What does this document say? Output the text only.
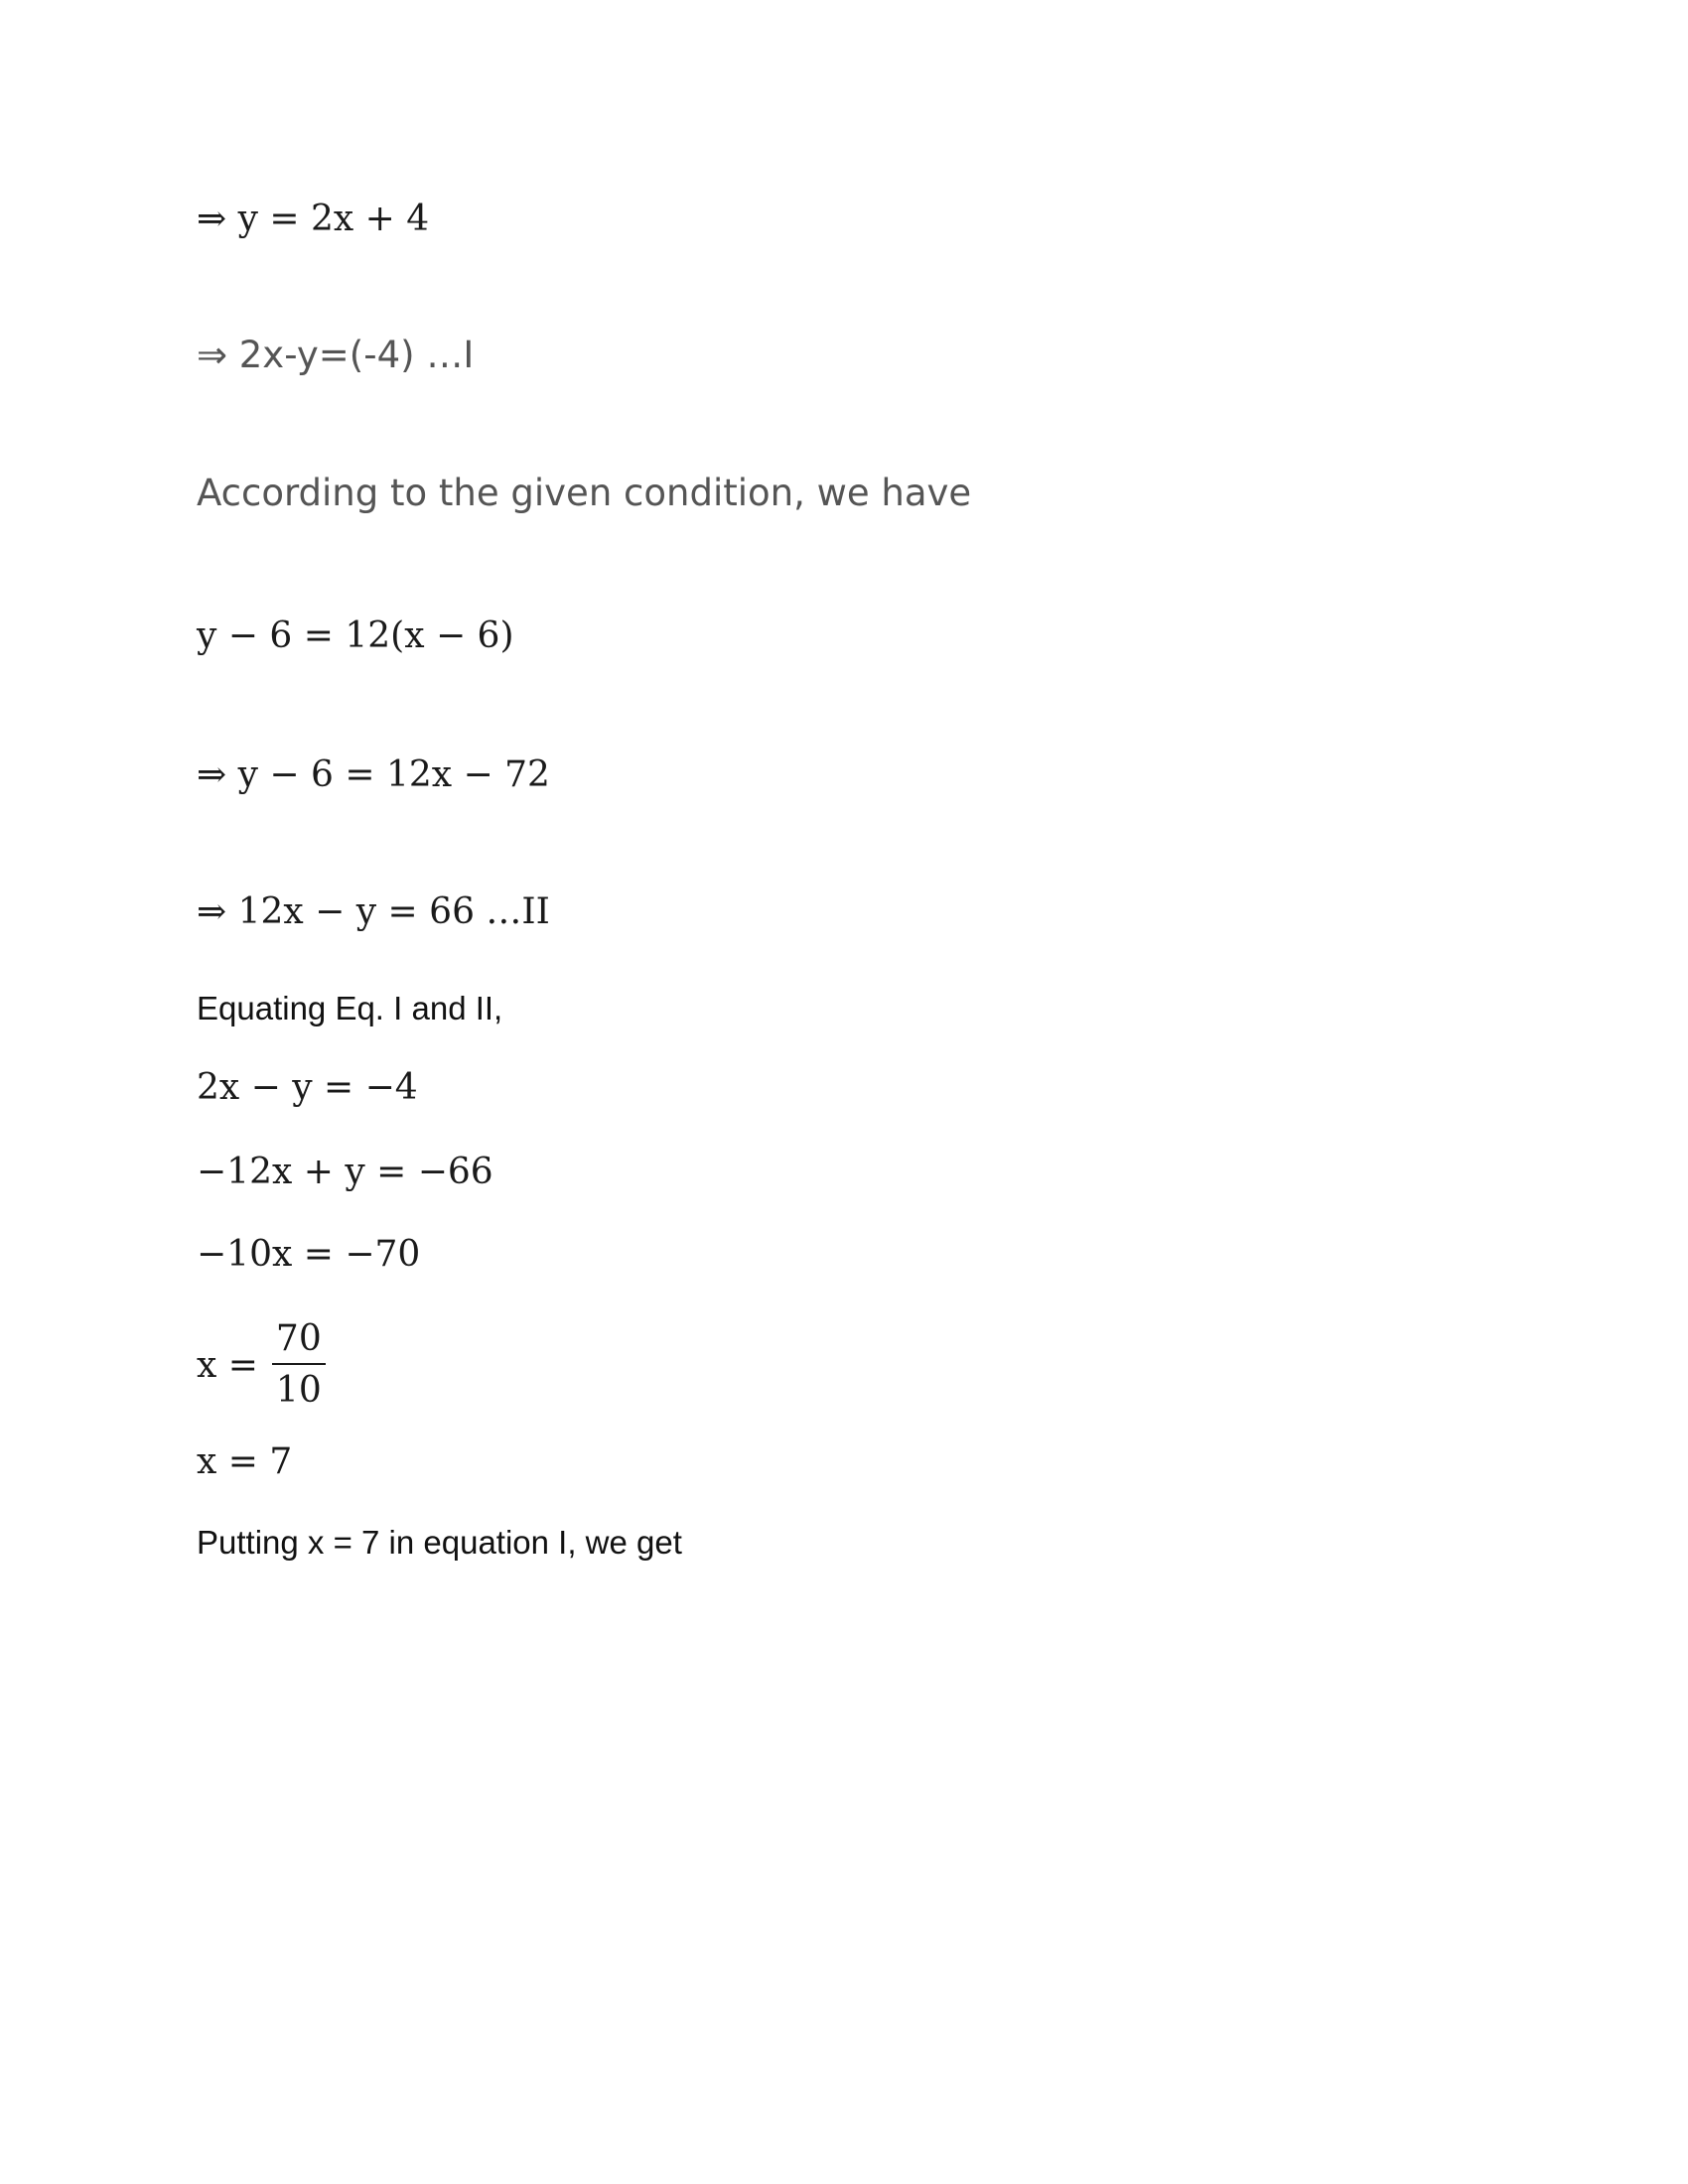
⇒ y = 2x + 4
⇒ 2x-y=(-4) …I
According to the given condition, we have
y − 6 = 12(x − 6)
⇒ y − 6 = 12x − 72
⇒ 12x − y = 66 …II
Equating Eq. I and II,
2x − y = −4
−12x + y = −66
−10x = −70
$x = \frac{70}{10}$
x = 7
Putting x = 7 in equation I, we get
